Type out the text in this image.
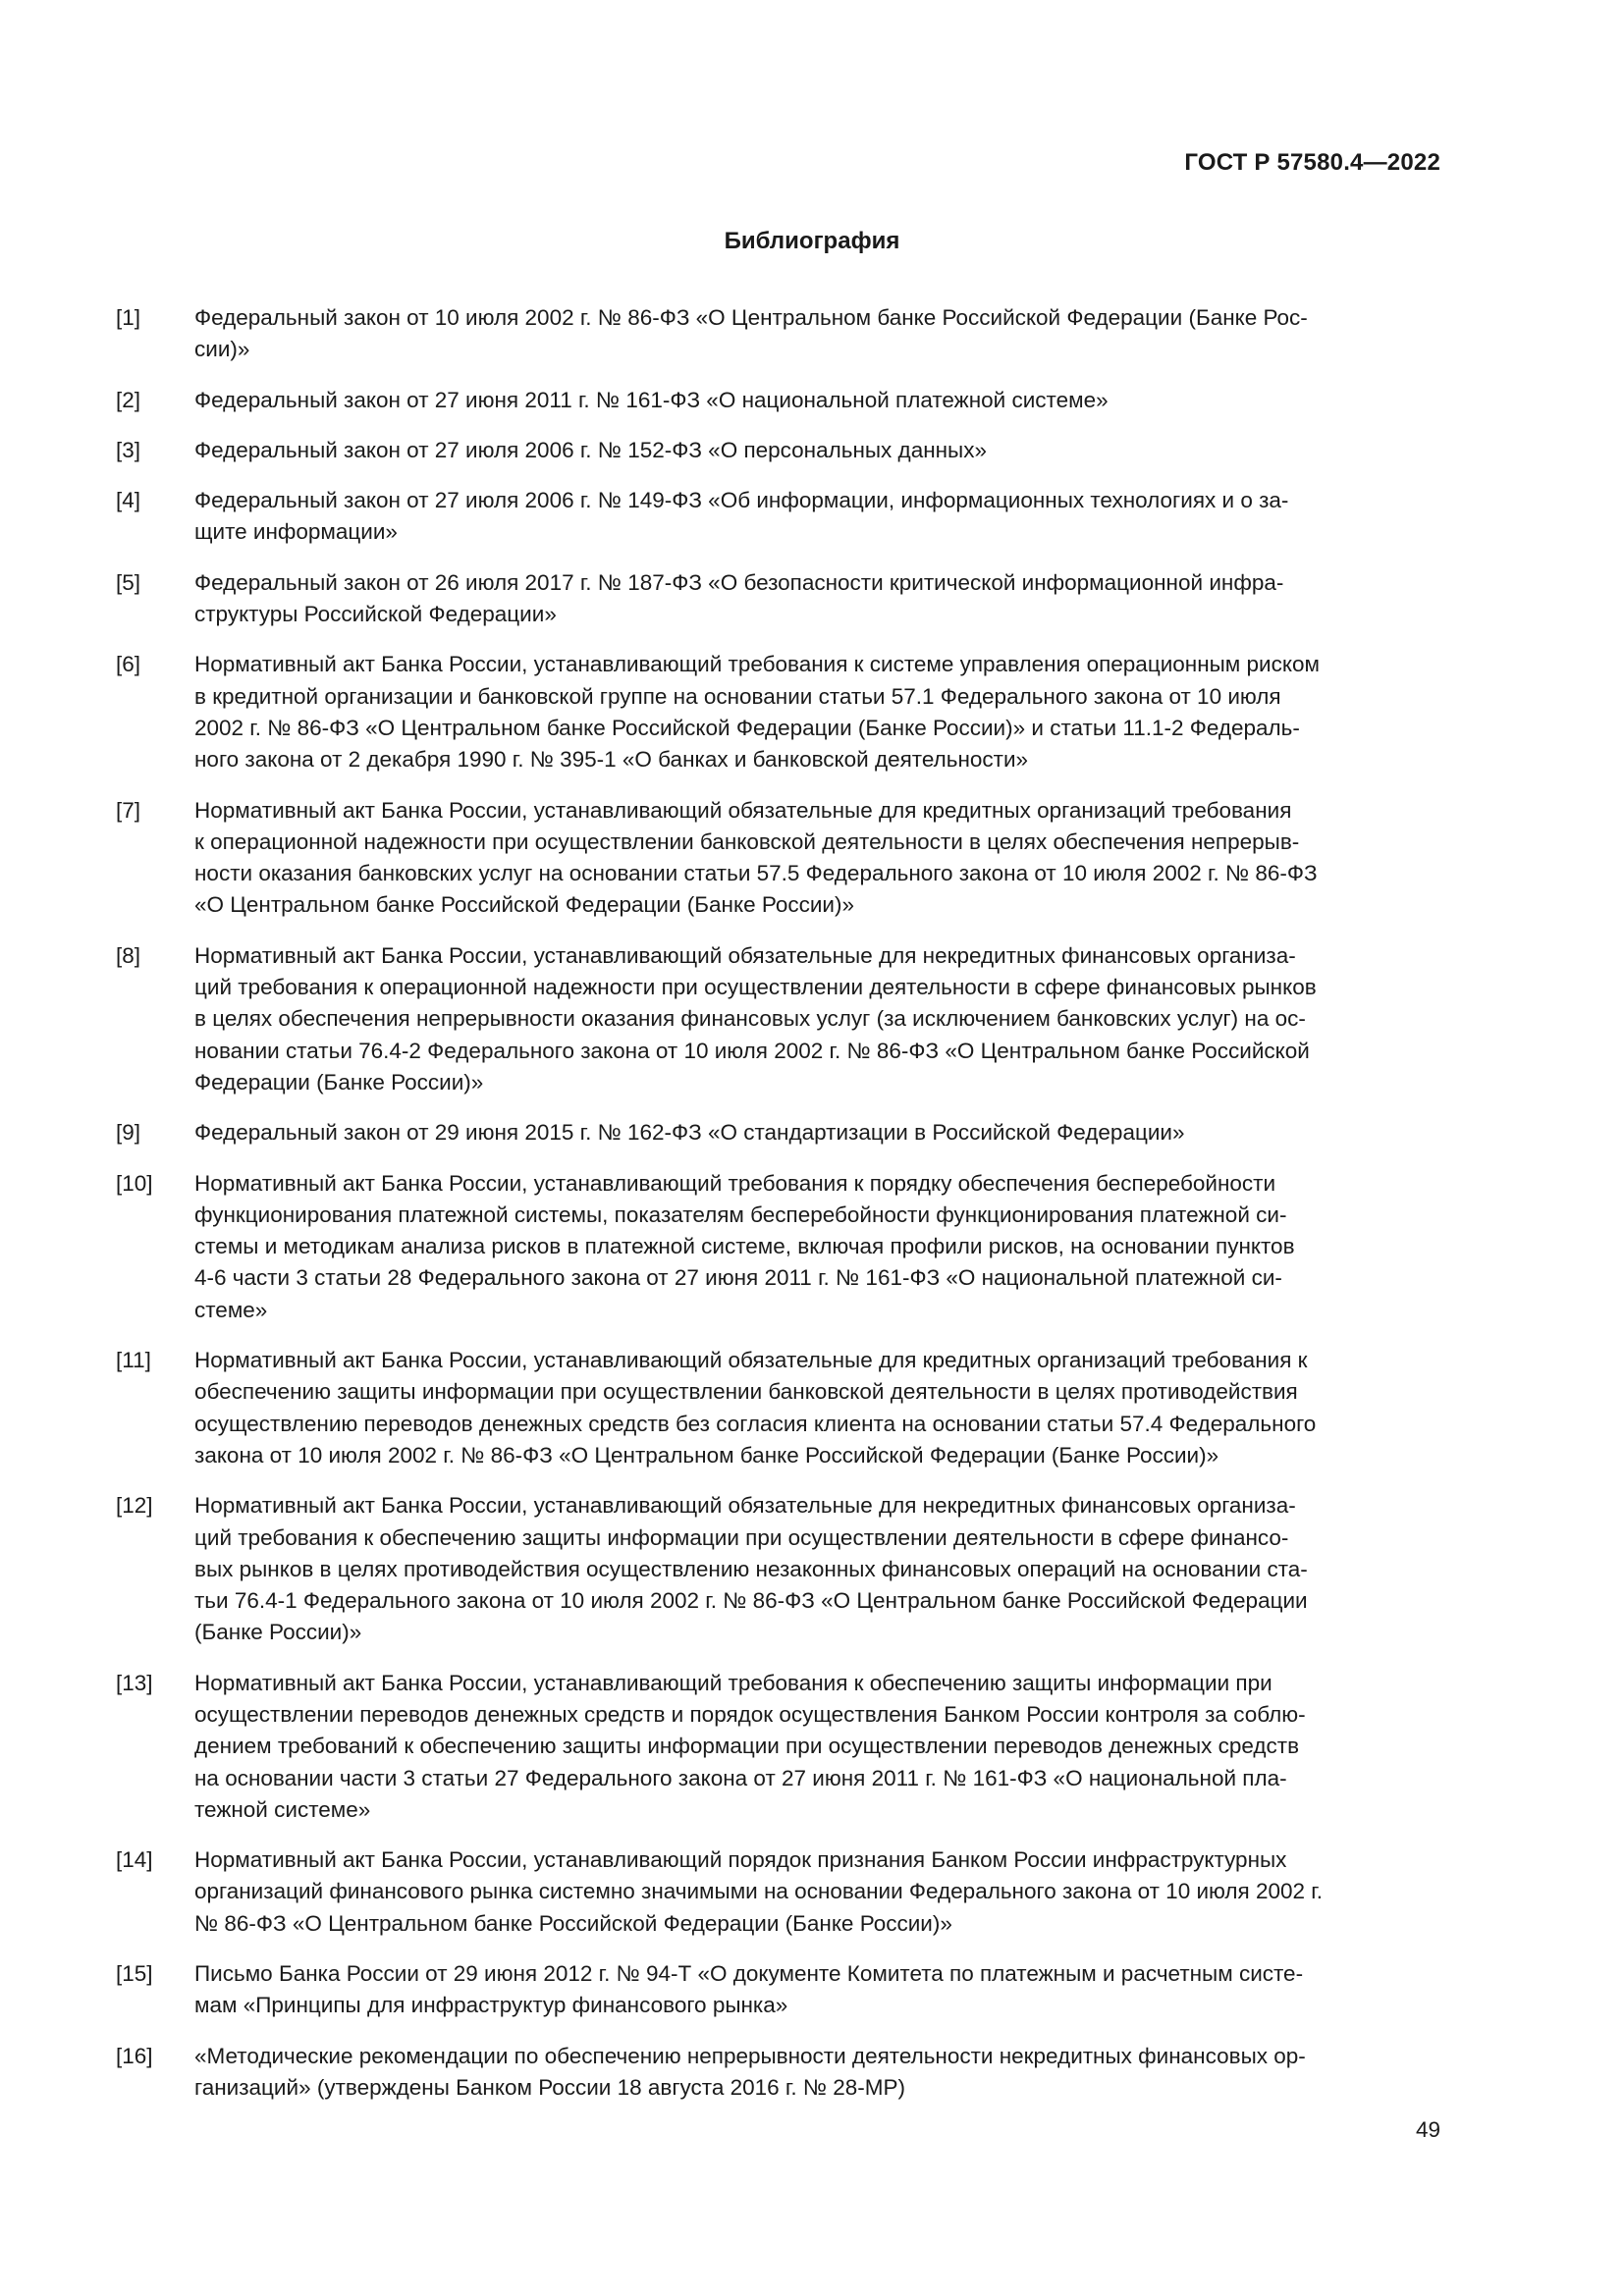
ГОСТ Р 57580.4—2022
Библиография
[1]	Федеральный закон от 10 июля 2002 г. № 86-ФЗ «О Центральном банке Российской Федерации (Банке Рос-
сии)»
[2]	Федеральный закон от 27 июня 2011 г. № 161-ФЗ «О национальной платежной системе»
[3]	Федеральный закон от 27 июля 2006 г. № 152-ФЗ «О персональных данных»
[4]	Федеральный закон от 27 июля 2006 г. № 149-ФЗ «Об информации, информационных технологиях и о за-
щите информации»
[5]	Федеральный закон от 26 июля 2017 г. № 187-ФЗ «О безопасности критической информационной инфра-
структуры Российской Федерации»
[6]	Нормативный акт Банка России, устанавливающий требования к системе управления операционным риском
в кредитной организации и банковской группе на основании статьи 57.1 Федерального закона от 10 июля
2002 г. № 86-ФЗ «О Центральном банке Российской Федерации (Банке России)» и статьи 11.1-2 Федераль-
ного закона от 2 декабря 1990 г. № 395-1 «О банках и банковской деятельности»
[7]	Нормативный акт Банка России, устанавливающий обязательные для кредитных организаций требования
к операционной надежности при осуществлении банковской деятельности в целях обеспечения непрерыв-
ности оказания банковских услуг на основании статьи 57.5 Федерального закона от 10 июля 2002 г. № 86-ФЗ
«О Центральном банке Российской Федерации (Банке России)»
[8]	Нормативный акт Банка России, устанавливающий обязательные для некредитных финансовых организа-
ций требования к операционной надежности при осуществлении деятельности в сфере финансовых рынков
в целях обеспечения непрерывности оказания финансовых услуг (за исключением банковских услуг) на ос-
новании статьи 76.4-2 Федерального закона от 10 июля 2002 г. № 86-ФЗ «О Центральном банке Российской
Федерации (Банке России)»
[9]	Федеральный закон от 29 июня 2015 г. № 162-ФЗ «О стандартизации в Российской Федерации»
[10]	Нормативный акт Банка России, устанавливающий требования к порядку обеспечения бесперебойности
функционирования платежной системы, показателям бесперебойности функционирования платежной си-
стемы и методикам анализа рисков в платежной системе, включая профили рисков, на основании пунктов
4-6 части 3 статьи 28 Федерального закона от 27 июня 2011 г. № 161-ФЗ «О национальной платежной си-
стеме»
[11]	Нормативный акт Банка России, устанавливающий обязательные для кредитных организаций требования к
обеспечению защиты информации при осуществлении банковской деятельности в целях противодействия
осуществлению переводов денежных средств без согласия клиента на основании статьи 57.4 Федерального
закона от 10 июля 2002 г. № 86-ФЗ «О Центральном банке Российской Федерации (Банке России)»
[12]	Нормативный акт Банка России, устанавливающий обязательные для некредитных финансовых организа-
ций требования к обеспечению защиты информации при осуществлении деятельности в сфере финансо-
вых рынков в целях противодействия осуществлению незаконных финансовых операций на основании ста-
тьи 76.4-1 Федерального закона от 10 июля 2002 г. № 86-ФЗ «О Центральном банке Российской Федерации
(Банке России)»
[13]	Нормативный акт Банка России, устанавливающий требования к обеспечению защиты информации при
осуществлении переводов денежных средств и порядок осуществления Банком России контроля за соблю-
дением требований к обеспечению защиты информации при осуществлении переводов денежных средств
на основании части 3 статьи 27 Федерального закона от 27 июня 2011 г. № 161-ФЗ «О национальной пла-
тежной системе»
[14]	Нормативный акт Банка России, устанавливающий порядок признания Банком России инфраструктурных
организаций финансового рынка системно значимыми на основании Федерального закона от 10 июля 2002 г.
№ 86-ФЗ «О Центральном банке Российской Федерации (Банке России)»
[15]	Письмо Банка России от 29 июня 2012 г. № 94-Т «О документе Комитета по платежным и расчетным систе-
мам «Принципы для инфраструктур финансового рынка»
[16]	«Методические рекомендации по обеспечению непрерывности деятельности некредитных финансовых ор-
ганизаций» (утверждены Банком России 18 августа 2016 г. № 28-МР)
49
